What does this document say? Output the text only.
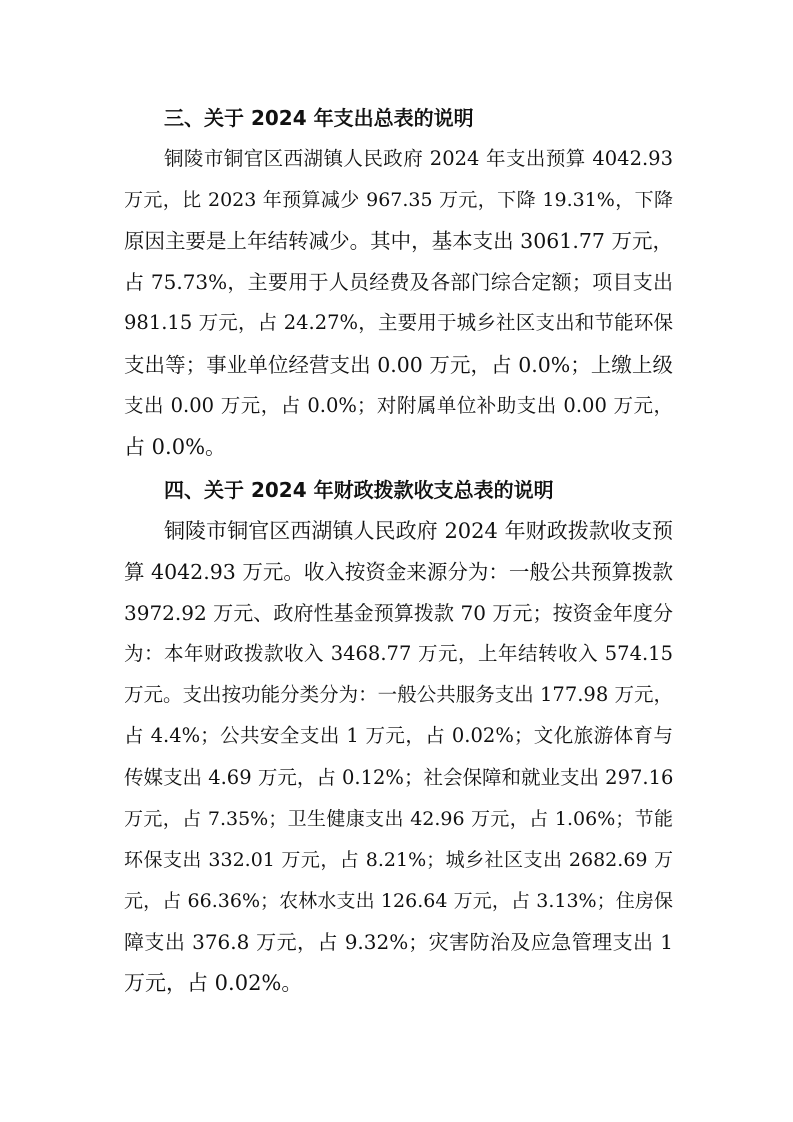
三、关于 2024 年支出总表的说明
铜陵市铜官区西湖镇人民政府 2024 年支出预算 4042.93
万元，比 2023 年预算减少 967.35 万元，下降 19.31%，下降
原因主要是上年结转减少。其中，基本支出 3061.77 万元，
占 75.73%，主要用于人员经费及各部门综合定额；项目支出
981.15 万元，占 24.27%，主要用于城乡社区支出和节能环保
支出等；事业单位经营支出 0.00 万元，占 0.0%；上缴上级
支出 0.00 万元，占 0.0%；对附属单位补助支出 0.00 万元，
占 0.0%。
四、关于 2024 年财政拨款收支总表的说明
铜陵市铜官区西湖镇人民政府 2024 年财政拨款收支预
算 4042.93 万元。收入按资金来源分为：一般公共预算拨款
3972.92 万元、政府性基金预算拨款 70 万元；按资金年度分
为：本年财政拨款收入 3468.77 万元，上年结转收入 574.15
万元。支出按功能分类分为：一般公共服务支出 177.98 万元，
占 4.4%；公共安全支出 1 万元，占 0.02%；文化旅游体育与
传媒支出 4.69 万元，占 0.12%；社会保障和就业支出 297.16
万元，占 7.35%；卫生健康支出 42.96 万元，占 1.06%；节能
环保支出 332.01 万元，占 8.21%；城乡社区支出 2682.69 万
元，占 66.36%；农林水支出 126.64 万元，占 3.13%；住房保
障支出 376.8 万元，占 9.32%；灾害防治及应急管理支出 1
万元，占 0.02%。
